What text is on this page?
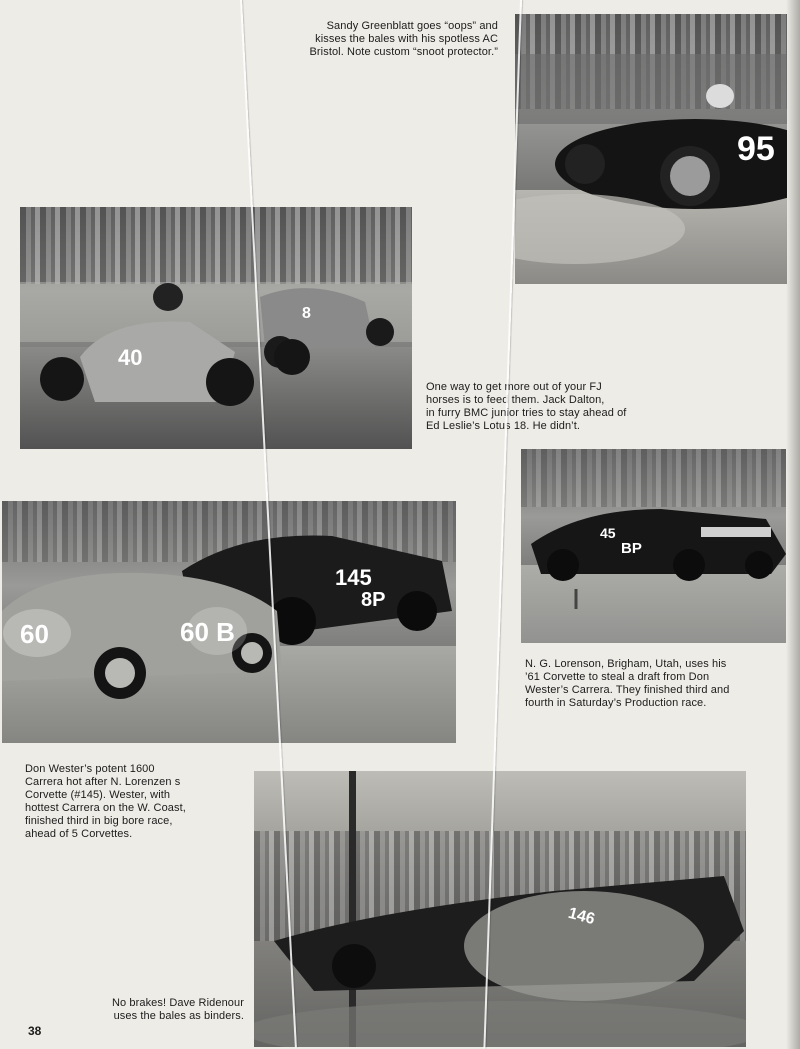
95

Sandy Greenblatt goes “oops” and
kisses the bales with his spotless AC
Bristol. Note custom “snoot protector.”

40
8

One way to get more out of your FJ
horses is to feed them. Jack Dalton,
in furry BMC junior tries to stay ahead of
Ed Leslie’s Lotus 18. He didn’t.

45
BP

N. G. Lorenson, Brigham, Utah, uses his
’61 Corvette to steal a draft from Don
Wester’s Carrera. They finished third and
fourth in Saturday’s Production race.

60	60 B
145
8P

Don Wester’s potent 1600
Carrera hot after N. Lorenzen s
Corvette (#145). Wester, with
hottest Carrera on the W. Coast,
finished third in big bore race,
ahead of 5 Corvettes.

146

No brakes! Dave Ridenour
uses the bales as binders.

38
